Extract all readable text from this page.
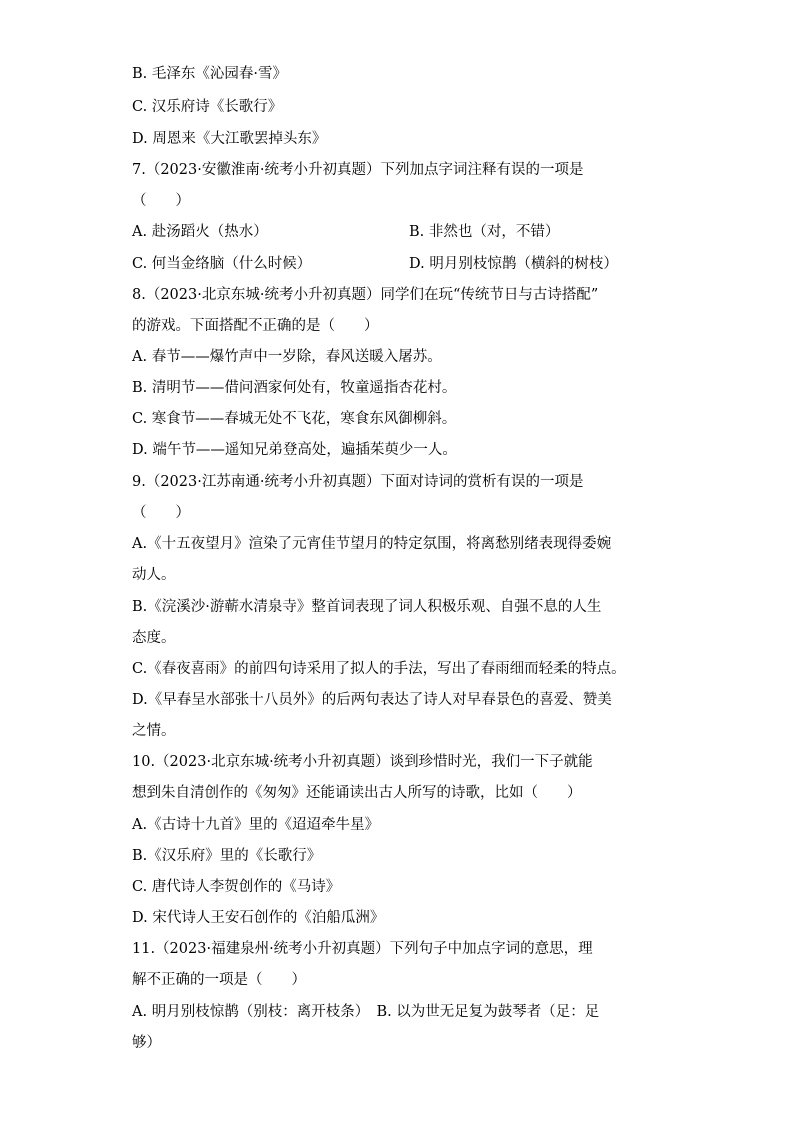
B. 毛泽东《沁园春·雪》
C. 汉乐府诗《长歌行》
D. 周恩来《大江歌罢掉头东》
7.（2023·安徽淮南·统考小升初真题）下列加点字词注释有误的一项是
（　　）
A. 赴汤蹈火（热水）	B. 非然也（对，不错）
C. 何当金络脑（什么时候）	D. 明月别枝惊鹊（横斜的树枝）
8.（2023·北京东城·统考小升初真题）同学们在玩“传统节日与古诗搭配”
的游戏。下面搭配不正确的是（　　）
A. 春节——爆竹声中一岁除，春风送暖入屠苏。
B. 清明节——借问酒家何处有，牧童遥指杏花村。
C. 寒食节——春城无处不飞花，寒食东风御柳斜。
D. 端午节——遥知兄弟登高处，遍插茱萸少一人。
9.（2023·江苏南通·统考小升初真题）下面对诗词的赏析有误的一项是
（　　）
A.《十五夜望月》渲染了元宵佳节望月的特定氛围，将离愁别绪表现得委婉
动人。
B.《浣溪沙·游蕲水清泉寺》整首词表现了词人积极乐观、自强不息的人生
态度。
C.《春夜喜雨》的前四句诗采用了拟人的手法，写出了春雨细而轻柔的特点。
D.《早春呈水部张十八员外》的后两句表达了诗人对早春景色的喜爱、赞美
之情。
10.（2023·北京东城·统考小升初真题）谈到珍惜时光，我们一下子就能
想到朱自清创作的《匆匆》还能诵读出古人所写的诗歌，比如（　　）
A.《古诗十九首》里的《迢迢牵牛星》
B.《汉乐府》里的《长歌行》
C. 唐代诗人李贺创作的《马诗》
D. 宋代诗人王安石创作的《泊船瓜洲》
11.（2023·福建泉州·统考小升初真题）下列句子中加点字词的意思，理
解不正确的一项是（　　）
A. 明月别枝惊鹊（别枝：离开枝条）　B. 以为世无足复为鼓琴者（足：足
够）
